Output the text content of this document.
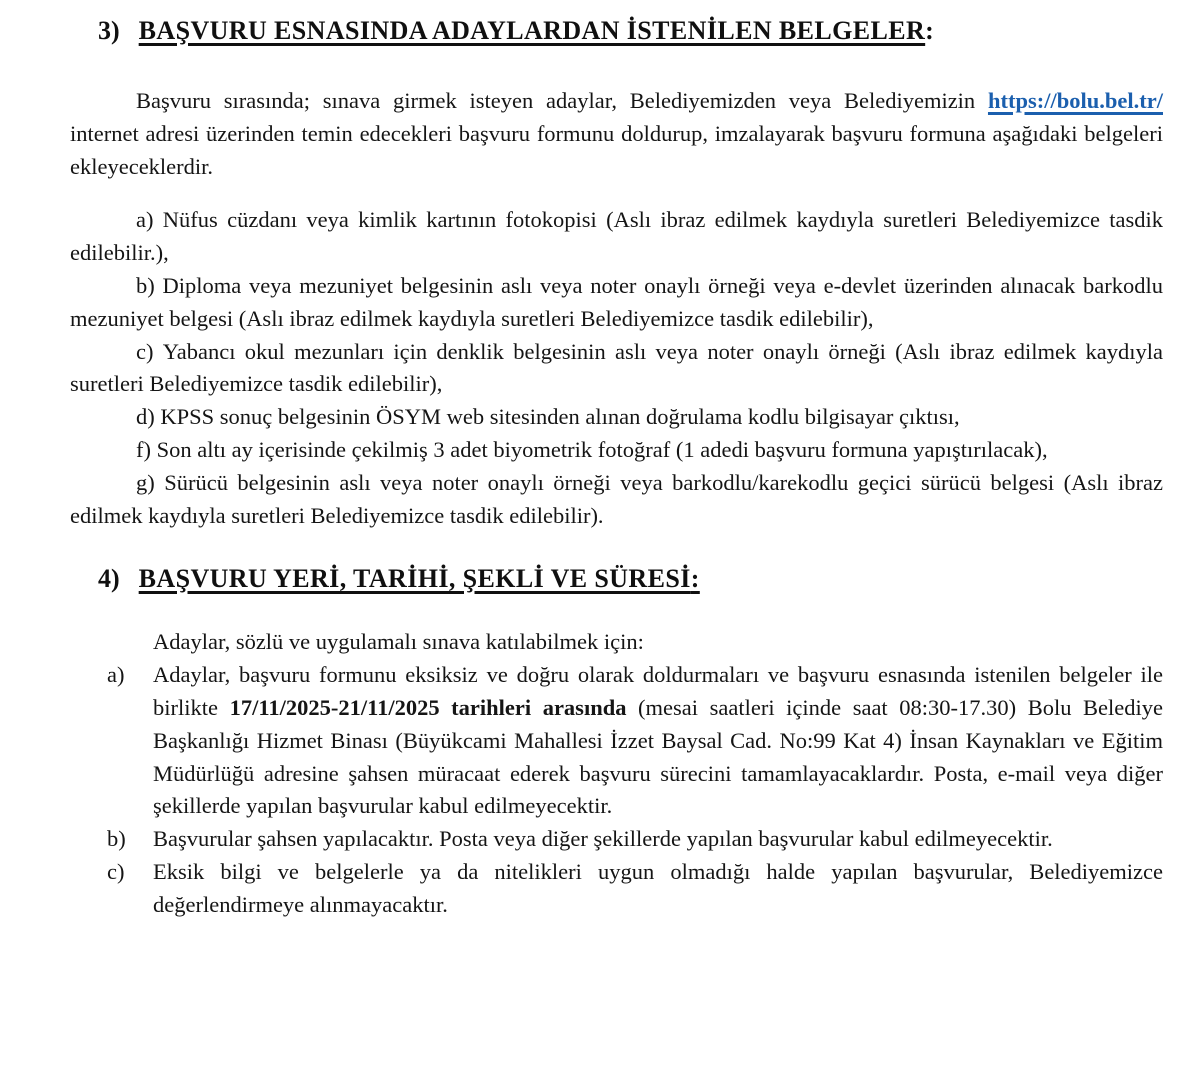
3) BAŞVURU ESNASINDA ADAYLARDAN İSTENİLEN BELGELER:

Başvuru sırasında; sınava girmek isteyen adaylar, Belediyemizden veya Belediyemizin https://bolu.bel.tr/ internet adresi üzerinden temin edecekleri başvuru formunu doldurup, imzalayarak başvuru formuna aşağıdaki belgeleri ekleyeceklerdir.

a) Nüfus cüzdanı veya kimlik kartının fotokopisi (Aslı ibraz edilmek kaydıyla suretleri Belediyemizce tasdik edilebilir.),

b) Diploma veya mezuniyet belgesinin aslı veya noter onaylı örneği veya e-devlet üzerinden alınacak barkodlu mezuniyet belgesi (Aslı ibraz edilmek kaydıyla suretleri Belediyemizce tasdik edilebilir),

c) Yabancı okul mezunları için denklik belgesinin aslı veya noter onaylı örneği (Aslı ibraz edilmek kaydıyla suretleri Belediyemizce tasdik edilebilir),

d) KPSS sonuç belgesinin ÖSYM web sitesinden alınan doğrulama kodlu bilgisayar çıktısı,

f) Son altı ay içerisinde çekilmiş 3 adet biyometrik fotoğraf (1 adedi başvuru formuna yapıştırılacak),

g) Sürücü belgesinin aslı veya noter onaylı örneği veya barkodlu/karekodlu geçici sürücü belgesi (Aslı ibraz edilmek kaydıyla suretleri Belediyemizce tasdik edilebilir).

4) BAŞVURU YERİ, TARİHİ, ŞEKLİ VE SÜRESİ:

Adaylar, sözlü ve uygulamalı sınava katılabilmek için:

a) Adaylar, başvuru formunu eksiksiz ve doğru olarak doldurmaları ve başvuru esnasında istenilen belgeler ile birlikte 17/11/2025-21/11/2025 tarihleri arasında (mesai saatleri içinde saat 08:30-17.30) Bolu Belediye Başkanlığı Hizmet Binası (Büyükcami Mahallesi İzzet Baysal Cad. No:99 Kat 4) İnsan Kaynakları ve Eğitim Müdürlüğü adresine şahsen müracaat ederek başvuru sürecini tamamlayacaklardır. Posta, e-mail veya diğer şekillerde yapılan başvurular kabul edilmeyecektir.

b) Başvurular şahsen yapılacaktır. Posta veya diğer şekillerde yapılan başvurular kabul edilmeyecektir.

c) Eksik bilgi ve belgelerle ya da nitelikleri uygun olmadığı halde yapılan başvurular, Belediyemizce değerlendirmeye alınmayacaktır.
